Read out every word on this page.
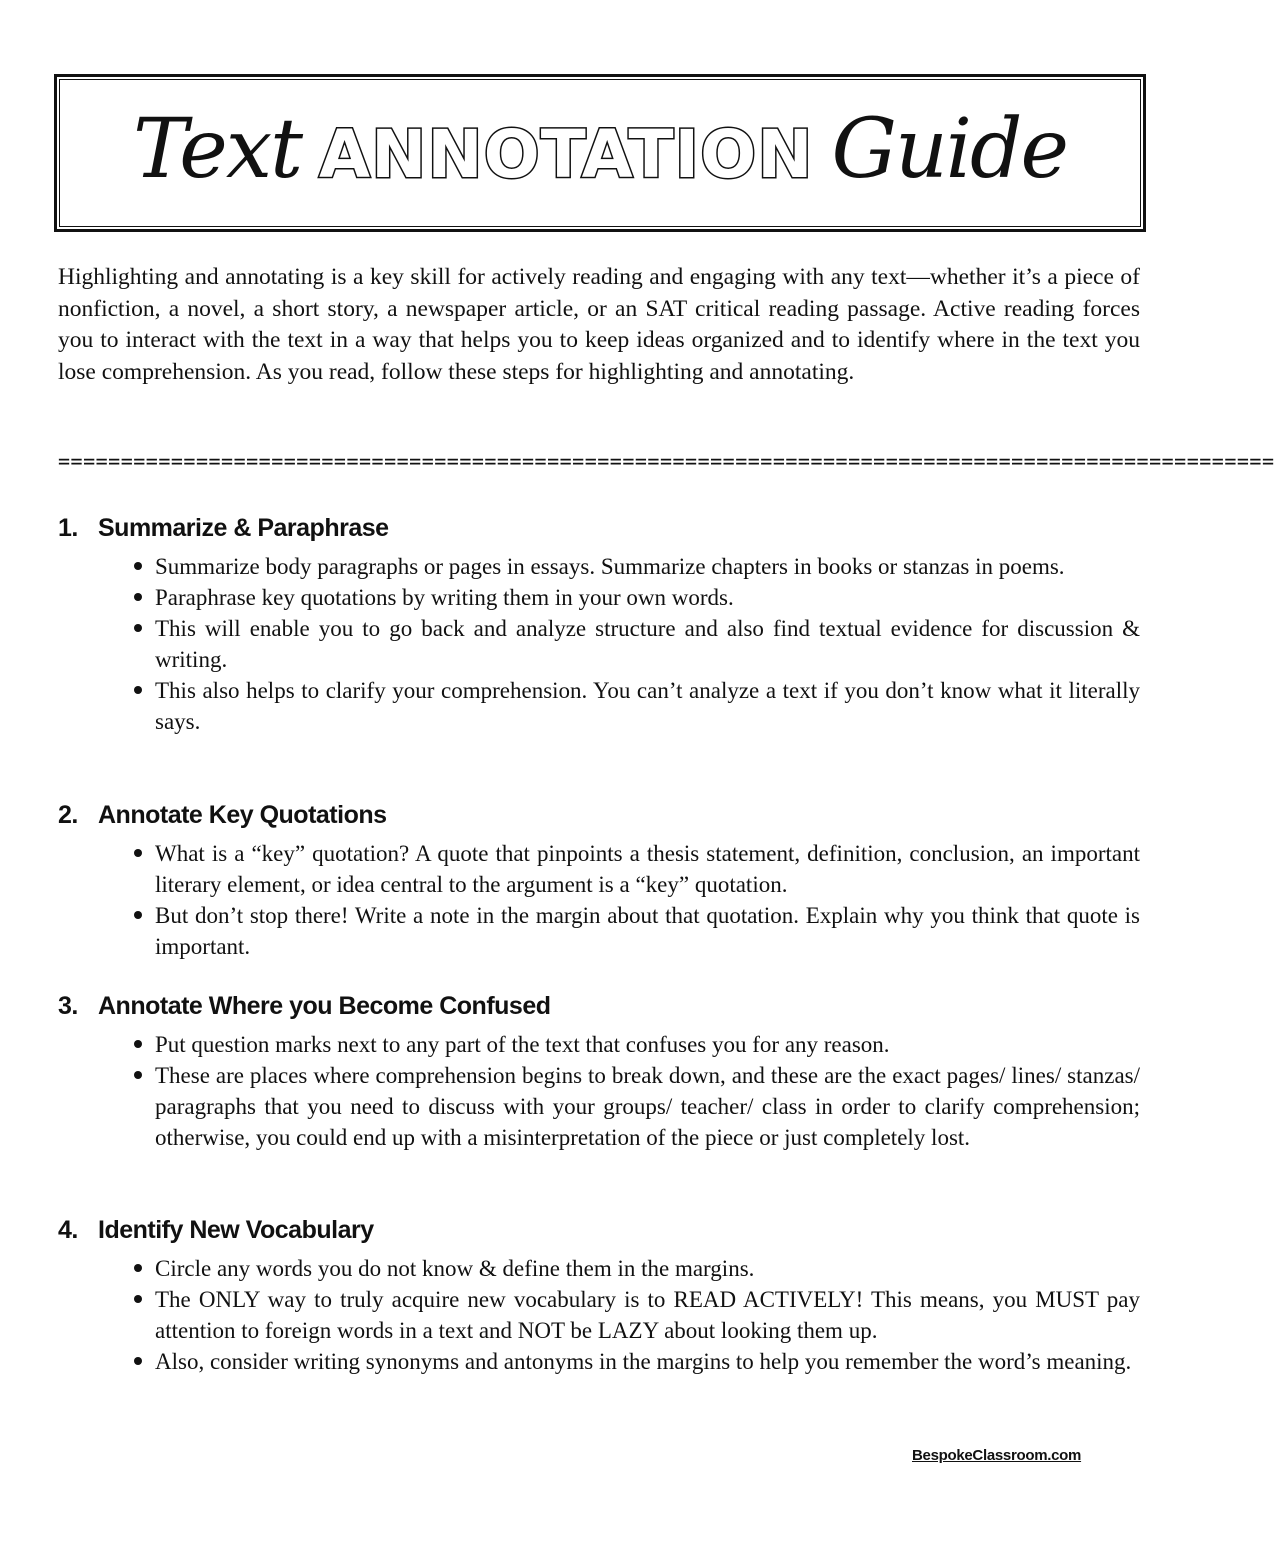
Text ANNOTATION Guide

Highlighting and annotating is a key skill for actively reading and engaging with any text—whether it’s a piece of nonfiction, a novel, a short story, a newspaper article, or an SAT critical reading passage. Active reading forces you to interact with the text in a way that helps you to keep ideas organized and to identify where in the text you lose comprehension. As you read, follow these steps for highlighting and annotating.

=================================================================================================
1. Summarize & Paraphrase
Summarize body paragraphs or pages in essays. Summarize chapters in books or stanzas in poems.
Paraphrase key quotations by writing them in your own words.
This will enable you to go back and analyze structure and also find textual evidence for discussion & writing.
This also helps to clarify your comprehension. You can’t analyze a text if you don’t know what it literally says.
2. Annotate Key Quotations
What is a “key” quotation? A quote that pinpoints a thesis statement, definition, conclusion, an important literary element, or idea central to the argument is a “key” quotation.
But don’t stop there! Write a note in the margin about that quotation. Explain why you think that quote is important.
3. Annotate Where you Become Confused
Put question marks next to any part of the text that confuses you for any reason.
These are places where comprehension begins to break down, and these are the exact pages/ lines/ stanzas/ paragraphs that you need to discuss with your groups/ teacher/ class in order to clarify comprehension; otherwise, you could end up with a misinterpretation of the piece or just completely lost.
4. Identify New Vocabulary
Circle any words you do not know & define them in the margins.
The ONLY way to truly acquire new vocabulary is to READ ACTIVELY! This means, you MUST pay attention to foreign words in a text and NOT be LAZY about looking them up.
Also, consider writing synonyms and antonyms in the margins to help you remember the word’s meaning.
BespokeClassroom.com
